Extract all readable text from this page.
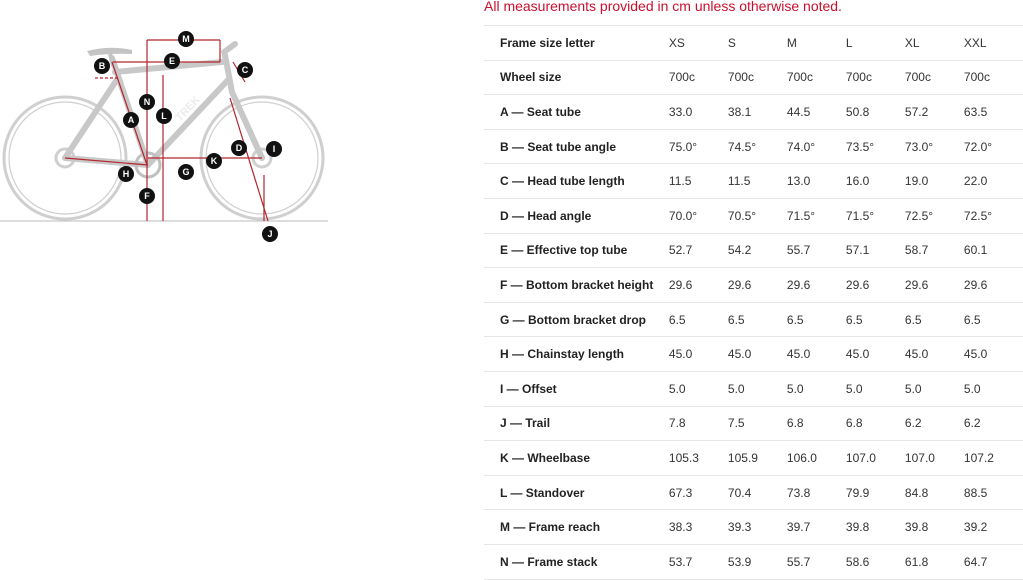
TREK
A
B	C
D
E
F
G
H
I
J
K
L
M
N
All measurements provided in cm unless otherwise noted.
Frame size letter	XS	S	M	L	XL	XXL
Wheel size	700c	700c	700c	700c	700c	700c
A — Seat tube	33.0	38.1	44.5	50.8	57.2	63.5
B — Seat tube angle	75.0°	74.5°	74.0°	73.5°	73.0°	72.0°
C — Head tube length	11.5	11.5	13.0	16.0	19.0	22.0
D — Head angle	70.0°	70.5°	71.5°	71.5°	72.5°	72.5°
E — Effective top tube	52.7	54.2	55.7	57.1	58.7	60.1
F — Bottom bracket height	29.6	29.6	29.6	29.6	29.6	29.6
G — Bottom bracket drop	6.5	6.5	6.5	6.5	6.5	6.5
H — Chainstay length	45.0	45.0	45.0	45.0	45.0	45.0
I — Offset	5.0	5.0	5.0	5.0	5.0	5.0
J — Trail	7.8	7.5	6.8	6.8	6.2	6.2
K — Wheelbase	105.3	105.9	106.0	107.0	107.0	107.2
L — Standover	67.3	70.4	73.8	79.9	84.8	88.5
M — Frame reach	38.3	39.3	39.7	39.8	39.8	39.2
N — Frame stack	53.7	53.9	55.7	58.6	61.8	64.7
